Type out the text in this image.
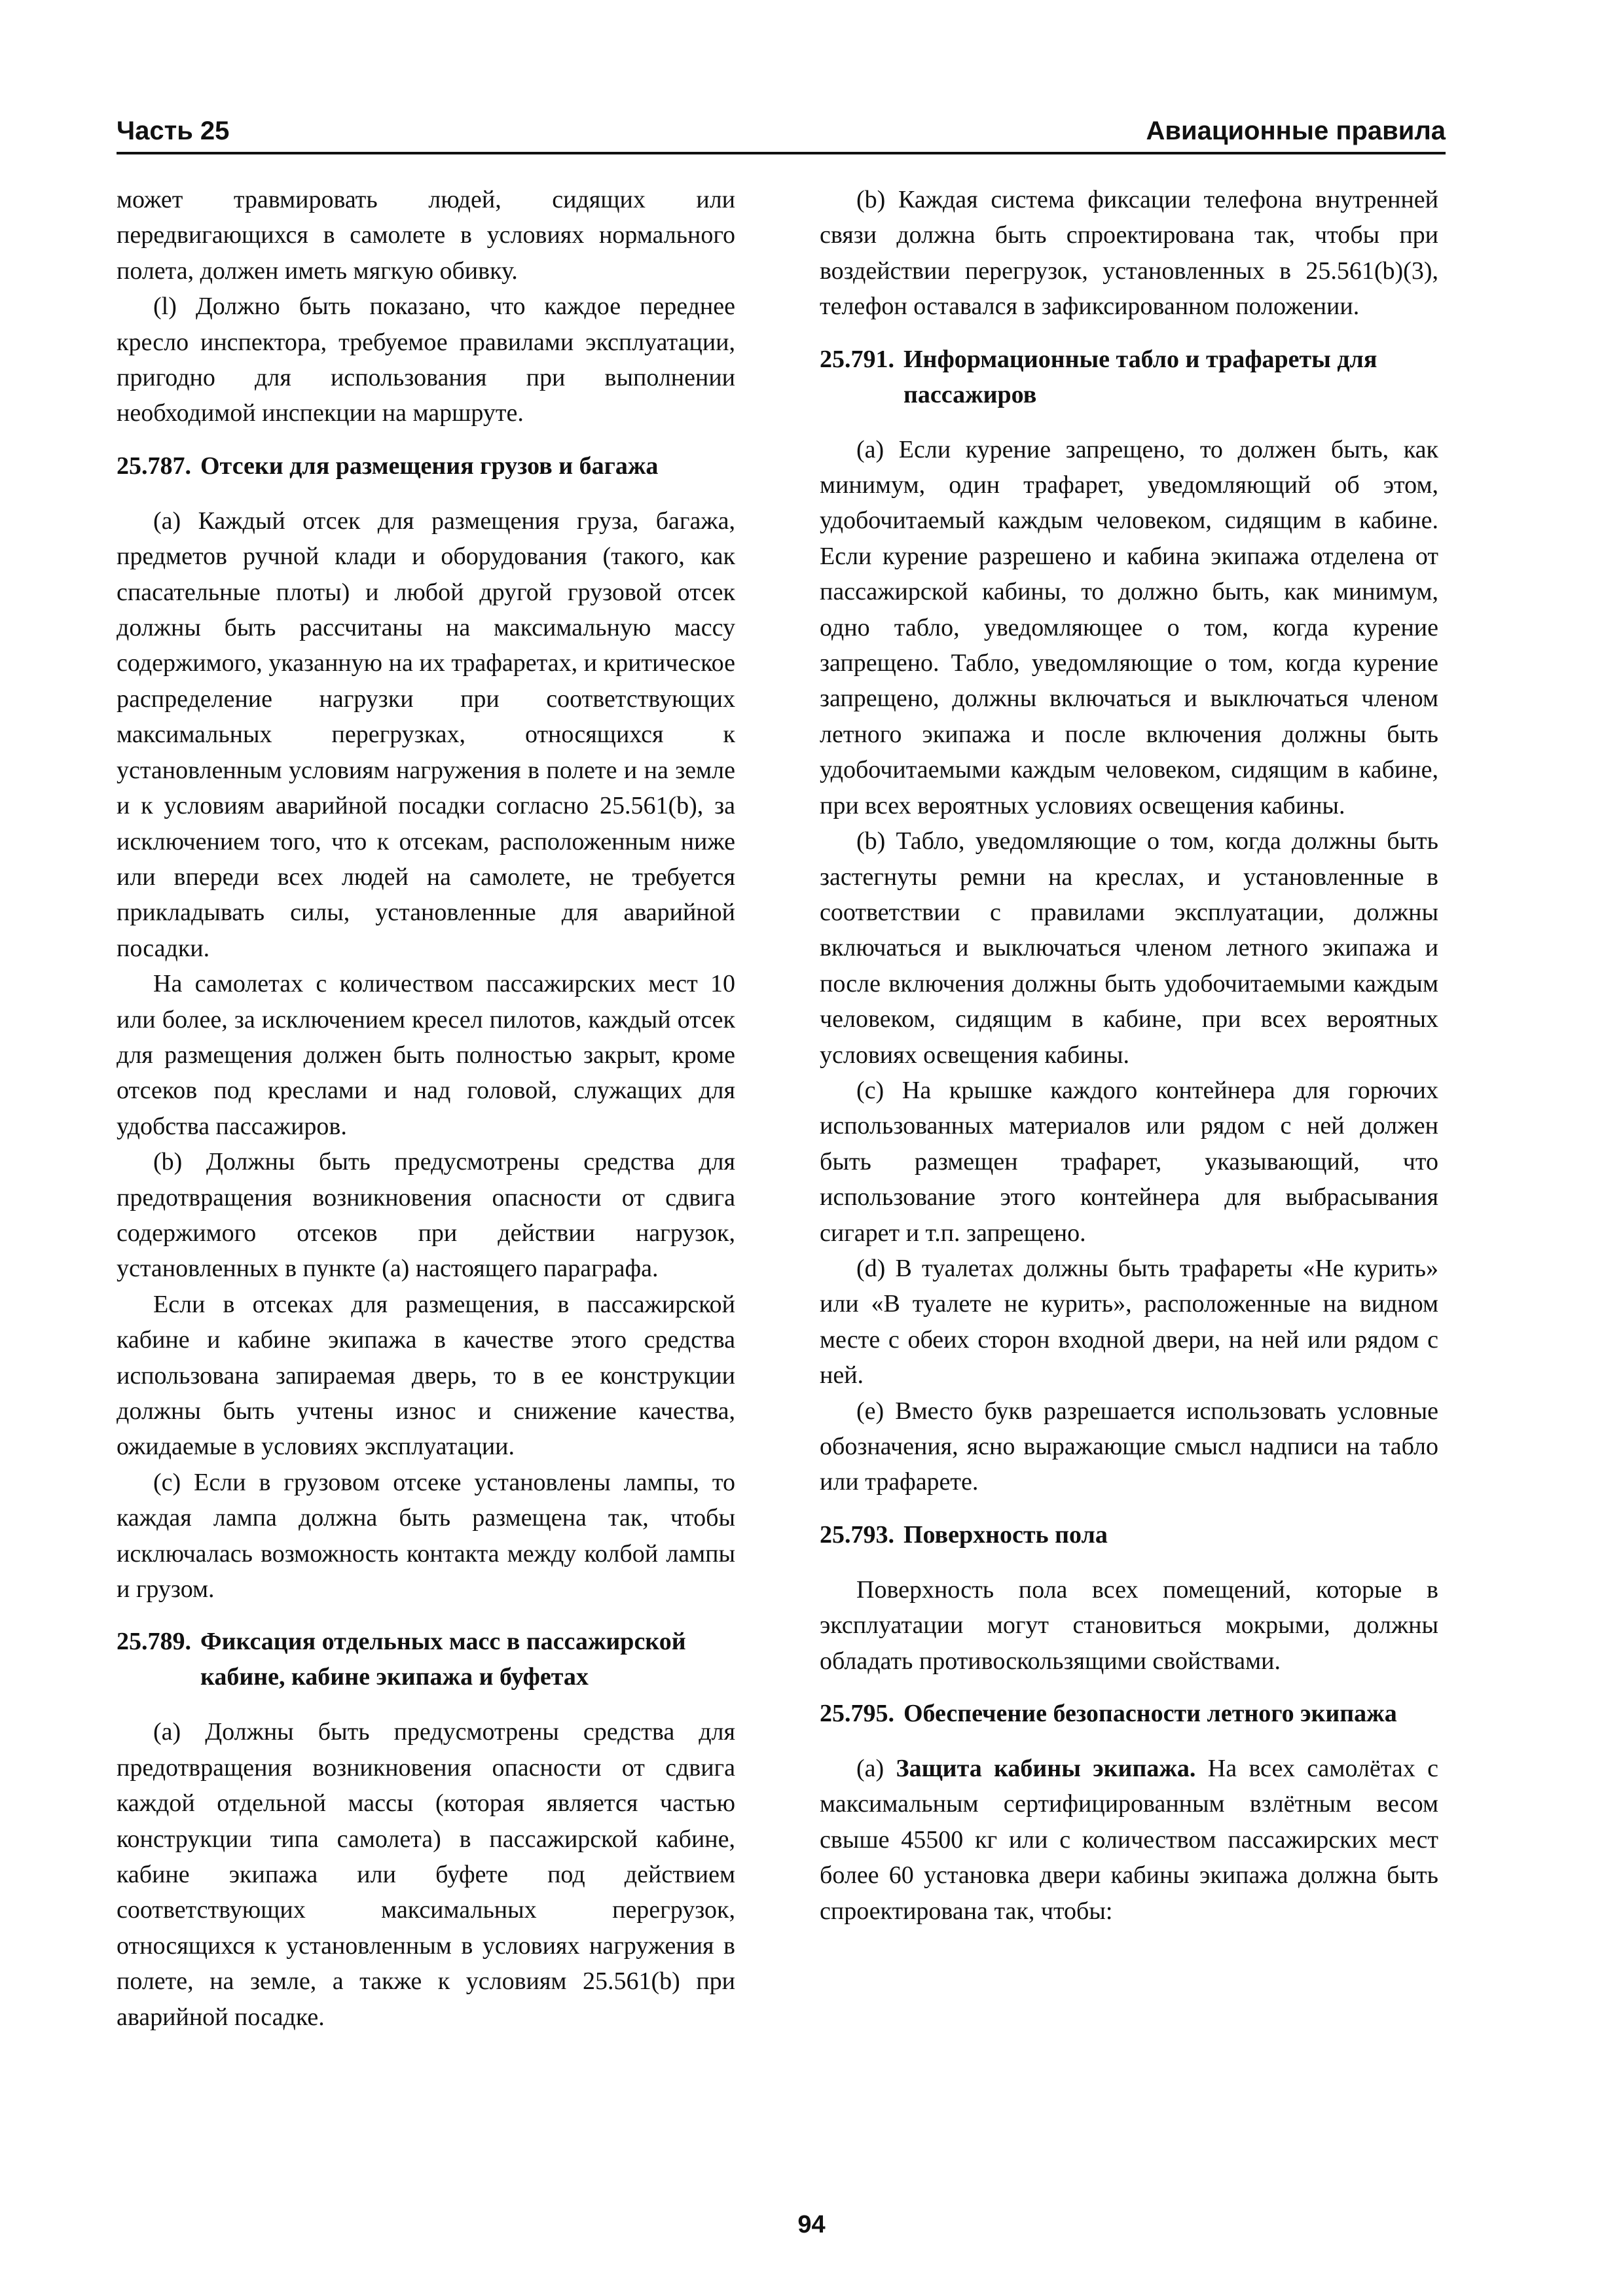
Часть 25	Авиационные правила

может травмировать людей, сидящих или передвигающихся в самолете в условиях нормального полета, должен иметь мягкую обивку.

(l) Должно быть показано, что каждое переднее кресло инспектора, требуемое правилами эксплуатации, пригодно для использования при выполнении необходимой инспекции на маршруте.

25.787. Отсеки для размещения грузов и багажа

(a) Каждый отсек для размещения груза, багажа, предметов ручной клади и оборудования (такого, как спасательные плоты) и любой другой грузовой отсек должны быть рассчитаны на максимальную массу содержимого, указанную на их трафаретах, и критическое распределение нагрузки при соответствующих максимальных перегрузках, относящихся к установленным условиям нагружения в полете и на земле и к условиям аварийной посадки согласно 25.561(b), за исключением того, что к отсекам, расположенным ниже или впереди всех людей на самолете, не требуется прикладывать силы, установленные для аварийной посадки.

На самолетах с количеством пассажирских мест 10 или более, за исключением кресел пилотов, каждый отсек для размещения должен быть полностью закрыт, кроме отсеков под креслами и над головой, служащих для удобства пассажиров.

(b) Должны быть предусмотрены средства для предотвращения возникновения опасности от сдвига содержимого отсеков при действии нагрузок, установленных в пункте (a) настоящего параграфа.

Если в отсеках для размещения, в пассажирской кабине и кабине экипажа в качестве этого средства использована запираемая дверь, то в ее конструкции должны быть учтены износ и снижение качества, ожидаемые в условиях эксплуатации.

(c) Если в грузовом отсеке установлены лампы, то каждая лампа должна быть размещена так, чтобы исключалась возможность контакта между колбой лампы и грузом.

25.789. Фиксация отдельных масс в пассажирской кабине, кабине экипажа и буфетах

(a) Должны быть предусмотрены средства для предотвращения возникновения опасности от сдвига каждой отдельной массы (которая является частью конструкции типа самолета) в пассажирской кабине, кабине экипажа или буфете под действием соответствующих максимальных перегрузок, относящихся к установленным в условиях нагружения в полете, на земле, а также к условиям 25.561(b) при аварийной посадке.

(b) Каждая система фиксации телефона внутренней связи должна быть спроектирована так, чтобы при воздействии перегрузок, установленных в 25.561(b)(3), телефон оставался в зафиксированном положении.

25.791. Информационные табло и трафареты для пассажиров

(a) Если курение запрещено, то должен быть, как минимум, один трафарет, уведомляющий об этом, удобочитаемый каждым человеком, сидящим в кабине. Если курение разрешено и кабина экипажа отделена от пассажирской кабины, то должно быть, как минимум, одно табло, уведомляющее о том, когда курение запрещено. Табло, уведомляющие о том, когда курение запрещено, должны включаться и выключаться членом летного экипажа и после включения должны быть удобочитаемыми каждым человеком, сидящим в кабине, при всех вероятных условиях освещения кабины.

(b) Табло, уведомляющие о том, когда должны быть застегнуты ремни на креслах, и установленные в соответствии с правилами эксплуатации, должны включаться и выключаться членом летного экипажа и после включения должны быть удобочитаемыми каждым человеком, сидящим в кабине, при всех вероятных условиях освещения кабины.

(c) На крышке каждого контейнера для горючих использованных материалов или рядом с ней должен быть размещен трафарет, указывающий, что использование этого контейнера для выбрасывания сигарет и т.п. запрещено.

(d) В туалетах должны быть трафареты «Не курить» или «В туалете не курить», расположенные на видном месте с обеих сторон входной двери, на ней или рядом с ней.

(e) Вместо букв разрешается использовать условные обозначения, ясно выражающие смысл надписи на табло или трафарете.

25.793. Поверхность пола

Поверхность пола всех помещений, которые в эксплуатации могут становиться мокрыми, должны обладать противоскользящими свойствами.

25.795. Обеспечение безопасности летного экипажа

(a) Защита кабины экипажа. На всех самолётах с максимальным сертифицированным взлётным весом свыше 45500 кг или с количеством пассажирских мест более 60 установка двери кабины экипажа должна быть спроектирована так, чтобы:

94
